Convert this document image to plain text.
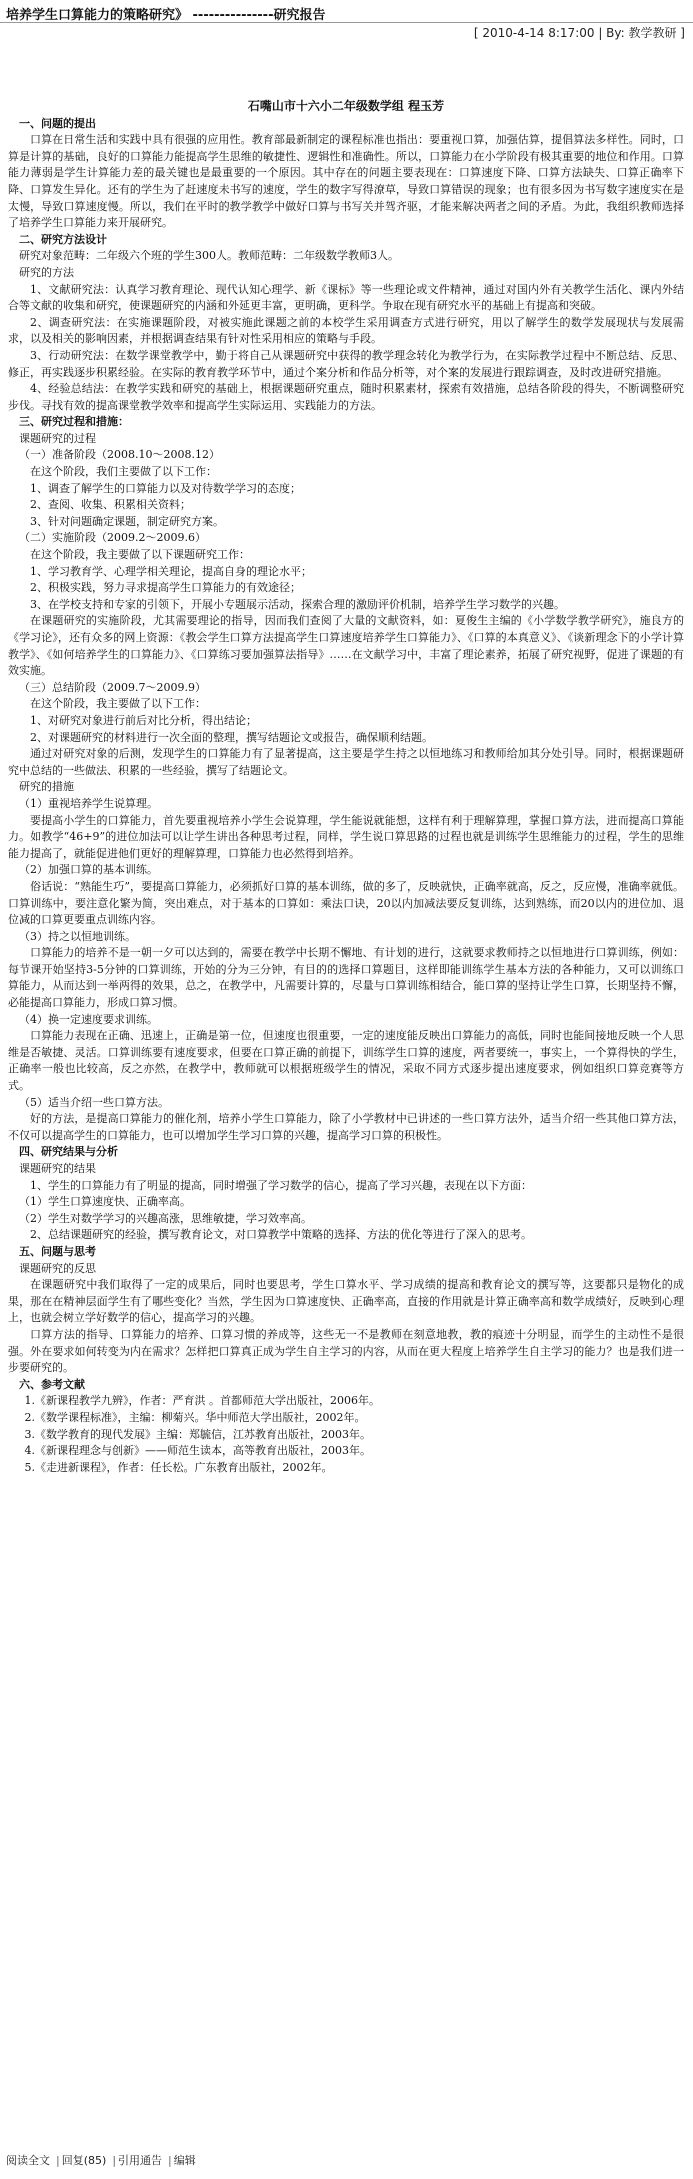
培养学生口算能力的策略研究》 ---------------研究报告
[ 2010-4-14 8:17:00 | By: 教学教研 ]
石嘴山市十六小二年级数学组 程玉芳

一、问题的提出

口算在日常生活和实践中具有很强的应用性。教育部最新制定的课程标准也指出：要重视口算，加强估算，提倡算法多样性。同时，口算是计算的基础，良好的口算能力能提高学生思维的敏捷性、逻辑性和准确性。所以，口算能力在小学阶段有极其重要的地位和作用。口算能力薄弱是学生计算能力差的最关键也是最重要的一个原因。其中存在的问题主要表现在：口算速度下降、口算方法缺失、口算正确率下降、口算发生异化。还有的学生为了赶速度未书写的速度，学生的数字写得潦草，导致口算错误的现象；也有很多因为书写数字速度实在是太慢，导致口算速度慢。所以，我们在平时的教学教学中做好口算与书写关并驾齐驱，才能来解决两者之间的矛盾。为此，我组织教师选择了培养学生口算能力来开展研究。

二、研究方法设计

研究对象范畴：二年级六个班的学生300人。教师范畴：二年级数学教师3人。

研究的方法

1、文献研究法：认真学习教育理论、现代认知心理学、新《课标》等一些理论或文件精神，通过对国内外有关教学生活化、课内外结合等文献的收集和研究，使课题研究的内涵和外延更丰富，更明确，更科学。争取在现有研究水平的基础上有提高和突破。

2、调查研究法：在实施课题阶段，对被实施此课题之前的本校学生采用调查方式进行研究，用以了解学生的数学发展现状与发展需求，以及相关的影响因素，并根据调查结果有针对性采用相应的策略与手段。

3、行动研究法：在数学课堂教学中，勤于将自己从课题研究中获得的教学理念转化为教学行为，在实际教学过程中不断总结、反思、修正，再实践逐步积累经验。在实际的教育教学环节中，通过个案分析和作品分析等，对个案的发展进行跟踪调查，及时改进研究措施。

4、经验总结法：在教学实践和研究的基础上，根据课题研究重点，随时积累素材，探索有效措施，总结各阶段的得失，不断调整研究步伐。寻找有效的提高课堂教学效率和提高学生实际运用、实践能力的方法。

三、研究过程和措施：

课题研究的过程

（一）准备阶段（2008.10～2008.12）

在这个阶段，我们主要做了以下工作：

1、调查了解学生的口算能力以及对待数学学习的态度；

2、查阅、收集、积累相关资料；

3、针对问题确定课题，制定研究方案。

（二）实施阶段（2009.2～2009.6）

在这个阶段，我主要做了以下课题研究工作：

1、学习教育学、心理学相关理论，提高自身的理论水平；

2、积极实践，努力寻求提高学生口算能力的有效途径；

3、在学校支持和专家的引领下，开展小专题展示活动，探索合理的激励评价机制，培养学生学习数学的兴趣。

在课题研究的实施阶段，尤其需要理论的指导，因而我们查阅了大量的文献资料，如：夏俊生主编的《小学数学教学研究》，施良方的《学习论》，还有众多的网上资源：《教会学生口算方法提高学生口算速度培养学生口算能力》、《口算的本真意义》、《谈新理念下的小学计算教学》、《如何培养学生的口算能力》、《口算练习要加强算法指导》……在文献学习中，丰富了理论素养，拓展了研究视野，促进了课题的有效实施。

（三）总结阶段（2009.7～2009.9）

在这个阶段，我主要做了以下工作：

1、对研究对象进行前后对比分析，得出结论；

2、对课题研究的材料进行一次全面的整理，撰写结题论文或报告，确保顺利结题。

通过对研究对象的后测，发现学生的口算能力有了显著提高，这主要是学生持之以恒地练习和教师给加其分处引导。同时，根据课题研究中总结的一些做法、积累的一些经验，撰写了结题论文。

研究的措施

（1）重视培养学生说算理。

要提高小学生的口算能力，首先要重视培养小学生会说算理，学生能说就能想，这样有利于理解算理，掌握口算方法，进而提高口算能力。如教学“46+9”的进位加法可以让学生讲出各种思考过程，同样，学生说口算思路的过程也就是训练学生思维能力的过程，学生的思维能力提高了，就能促进他们更好的理解算理，口算能力也必然得到培养。

（2）加强口算的基本训练。

俗话说：“熟能生巧”，要提高口算能力，必须抓好口算的基本训练，做的多了，反映就快，正确率就高，反之，反应慢，准确率就低。口算训练中，要注意化繁为简，突出难点，对于基本的口算如：乘法口诀，20以内加减法要反复训练，达到熟练，而20以内的进位加、退位减的口算更要重点训练内容。

（3）持之以恒地训练。

口算能力的培养不是一朝一夕可以达到的，需要在教学中长期不懈地、有计划的进行，这就要求教师持之以恒地进行口算训练，例如：每节课开始坚持3-5分钟的口算训练，开始的分为三分钟，有目的的选择口算题目，这样即能训练学生基本方法的各种能力，又可以训练口算能力，从而达到一举两得的效果，总之，在教学中，凡需要计算的，尽量与口算训练相结合，能口算的坚持让学生口算，长期坚持不懈，必能提高口算能力，形成口算习惯。

（4）换一定速度要求训练。

口算能力表现在正确、迅速上，正确是第一位，但速度也很重要，一定的速度能反映出口算能力的高低，同时也能间接地反映一个人思维是否敏捷、灵活。口算训练要有速度要求，但要在口算正确的前提下，训练学生口算的速度，两者要统一，事实上，一个算得快的学生，正确率一般也比较高，反之亦然，在教学中，教师就可以根据班级学生的情况，采取不同方式逐步提出速度要求，例如组织口算竞赛等方式。

（5）适当介绍一些口算方法。

好的方法，是提高口算能力的催化剂，培养小学生口算能力，除了小学教材中已讲述的一些口算方法外，适当介绍一些其他口算方法，不仅可以提高学生的口算能力，也可以增加学生学习口算的兴趣，提高学习口算的积极性。

四、研究结果与分析

课题研究的结果

1、学生的口算能力有了明显的提高，同时增强了学习数学的信心，提高了学习兴趣，表现在以下方面：

（1）学生口算速度快、正确率高。

（2）学生对数学学习的兴趣高涨，思维敏捷，学习效率高。

2、总结课题研究的经验，撰写教育论文，对口算教学中策略的选择、方法的优化等进行了深入的思考。

五、问题与思考

课题研究的反思

在课题研究中我们取得了一定的成果后，同时也要思考，学生口算水平、学习成绩的提高和教育论文的撰写等，这要都只是物化的成果，那在在精神层面学生有了哪些变化？当然，学生因为口算速度快、正确率高，直接的作用就是计算正确率高和数学成绩好，反映到心理上，也就会树立学好数学的信心，提高学习的兴趣。

口算方法的指导、口算能力的培养、口算习惯的养成等，这些无一不是教师在刻意地教，教的痕迹十分明显，而学生的主动性不是很强。外在要求如何转变为内在需求？怎样把口算真正成为学生自主学习的内容，从而在更大程度上培养学生自主学习的能力？也是我们进一步要研究的。

六、参考文献

1.《新课程教学九辨》，作者：严育洪 。首都师范大学出版社，2006年。

2.《数学课程标准》，主编：柳菊兴。华中师范大学出版社，2002年。

3.《数学教育的现代发展》主编：郑毓信，江苏教育出版社，2003年。

4.《新课程理念与创新》——师范生读本，高等教育出版社，2003年。

5.《走进新课程》，作者：任长松。广东教育出版社，2002年。

阅读全文 | 回复(85) | 引用通告 | 编辑
